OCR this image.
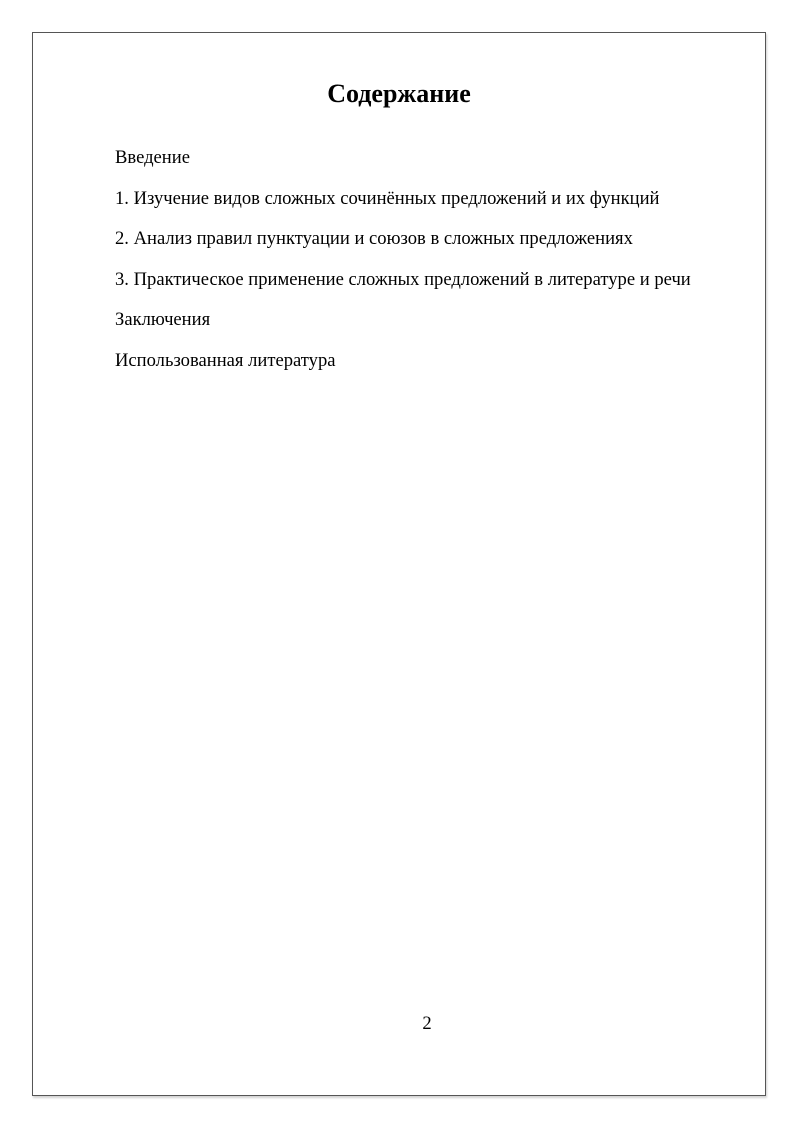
Содержание
Введение
1. Изучение видов сложных сочинённых предложений и их функций
2. Анализ правил пунктуации и союзов в сложных предложениях
3. Практическое применение сложных предложений в литературе и речи
Заключения
Использованная литература
2
